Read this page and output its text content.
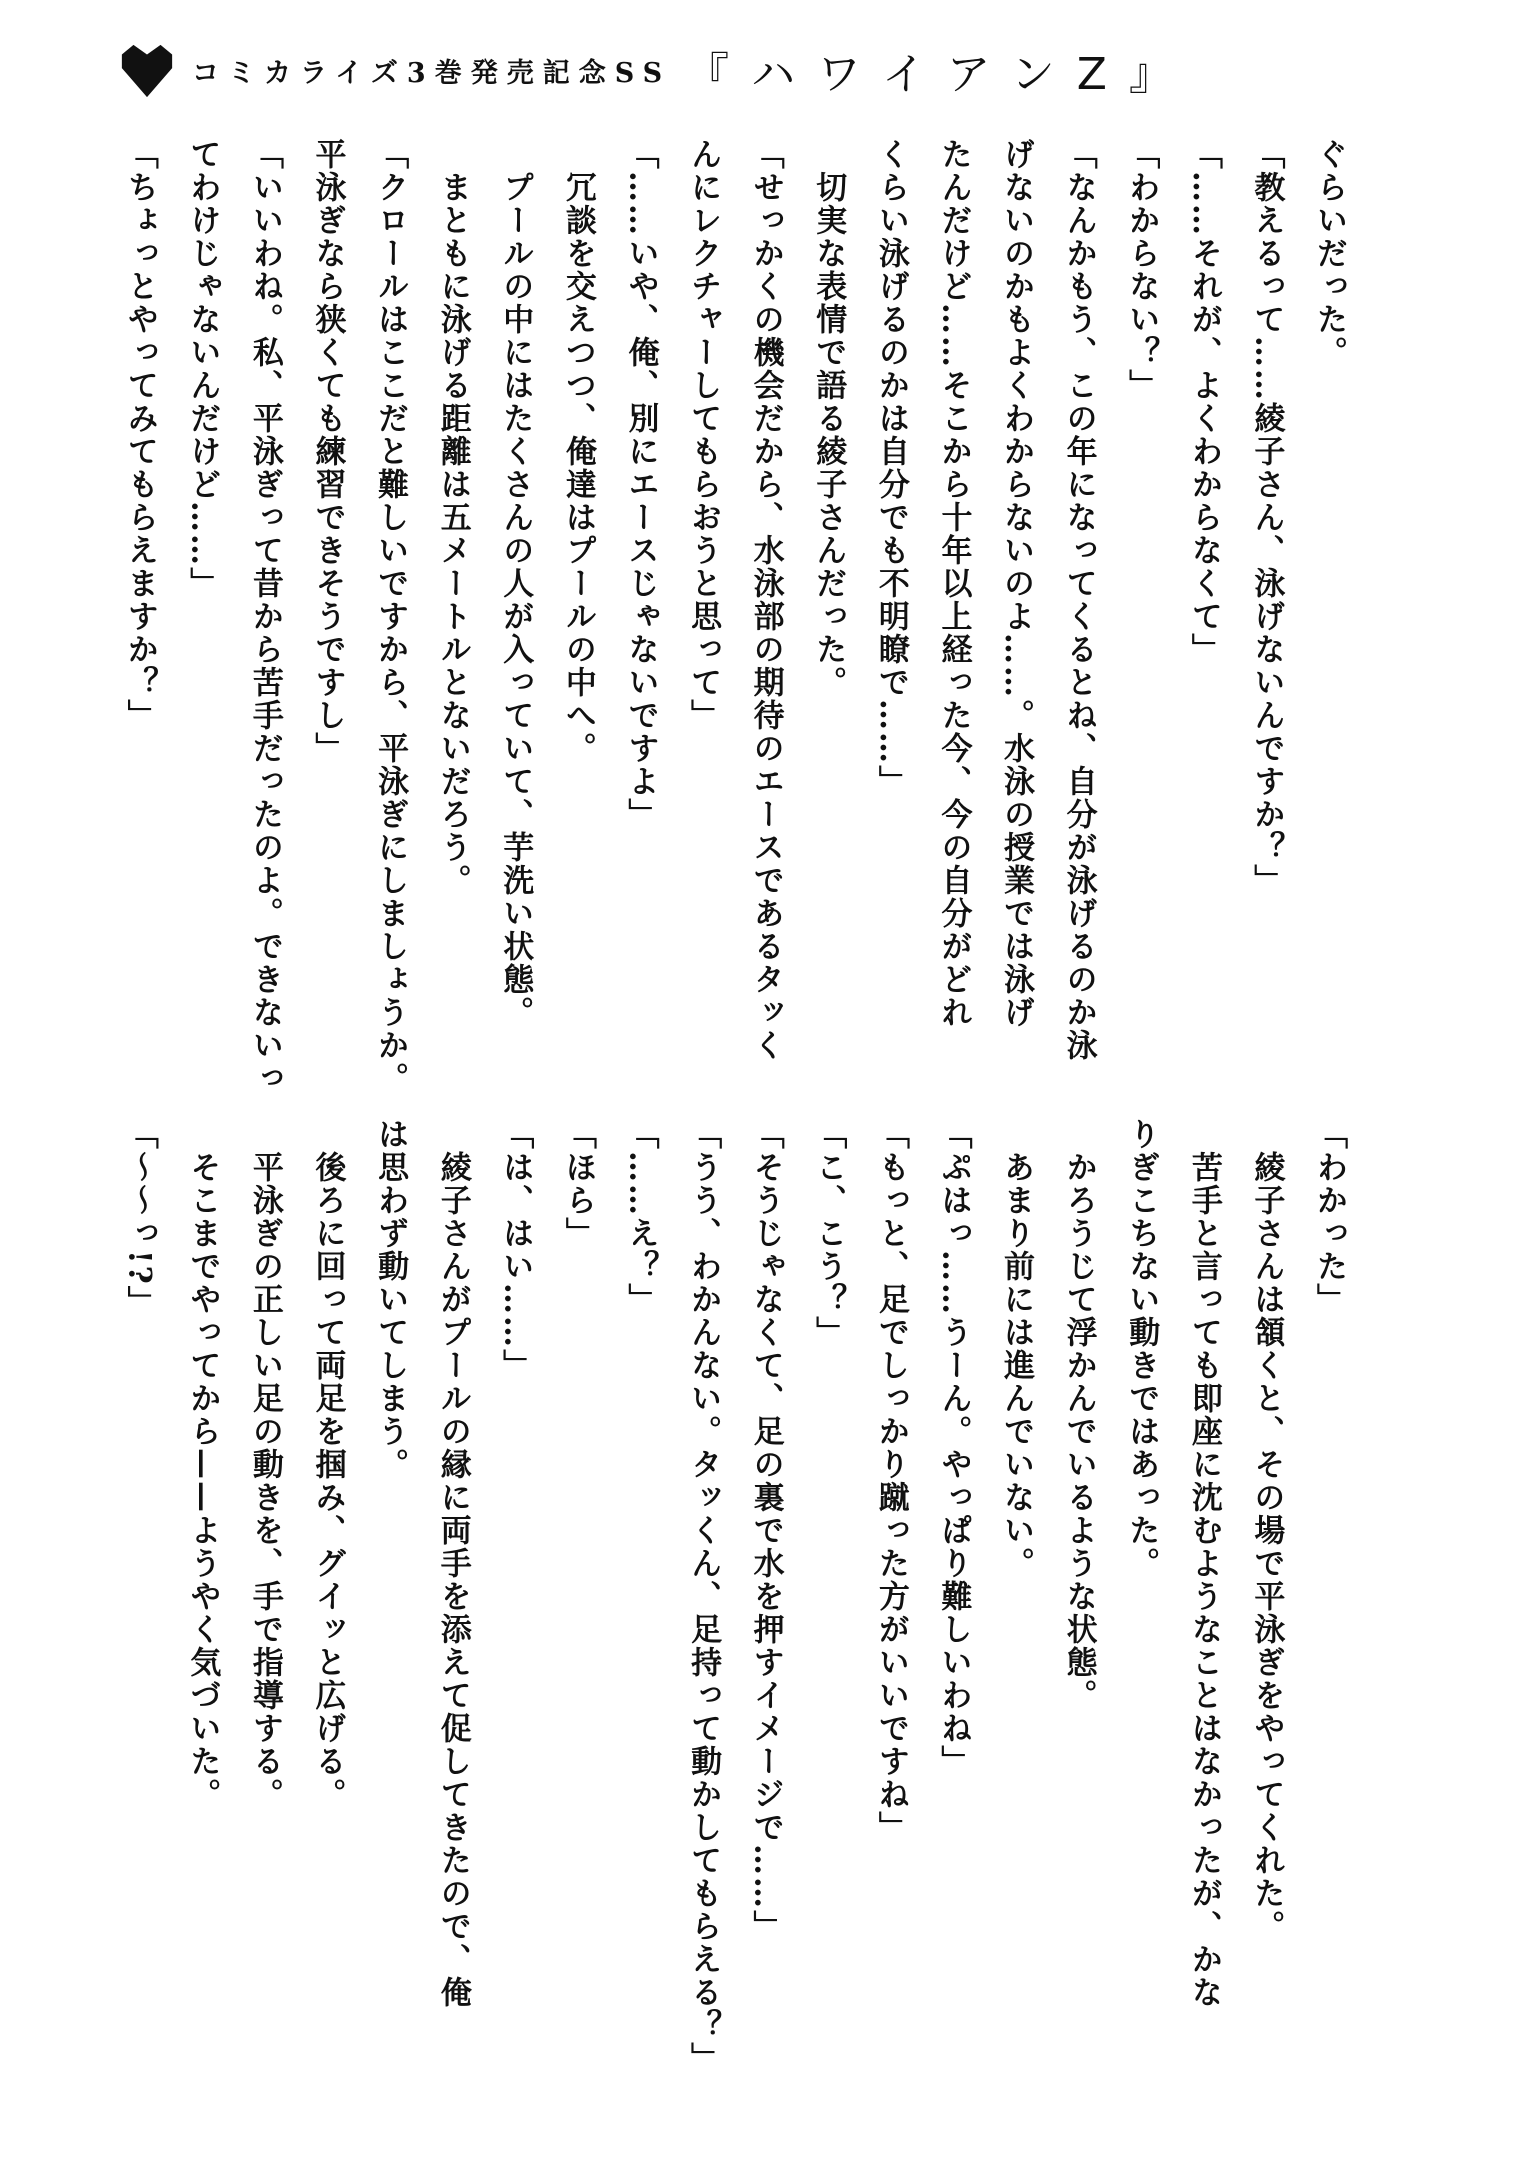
コミカライズ3巻発売記念SS 『ハワイアンZ』
ぐらいだった。
「教えるって……綾子さん、泳げないんですか？」
「……それが、よくわからなくて」
「わからない？」
「なんかもう、この年になってくるとね、自分が泳げるのか泳
げないのかもよくわからないのよ……。水泳の授業では泳げ
たんだけど……そこから十年以上経った今、今の自分がどれ
くらい泳げるのかは自分でも不明瞭で……」
　切実な表情で語る綾子さんだった。
「せっかくの機会だから、水泳部の期待のエースであるタッく
んにレクチャーしてもらおうと思って」
「……いや、俺、別にエースじゃないですよ」
　冗談を交えつつ、俺達はプールの中へ。
　プールの中にはたくさんの人が入っていて、芋洗い状態。
　まともに泳げる距離は五メートルとないだろう。
「クロールはここだと難しいですから、平泳ぎにしましょうか。
平泳ぎなら狭くても練習できそうですし」
「いいわね。私、平泳ぎって昔から苦手だったのよ。できないっ
てわけじゃないんだけど……」
「ちょっとやってみてもらえますか？」
「わかった」
　綾子さんは頷くと、その場で平泳ぎをやってくれた。
　苦手と言っても即座に沈むようなことはなかったが、かな
りぎこちない動きではあった。
　かろうじて浮かんでいるような状態。
　あまり前には進んでいない。
「ぷはっ……うーん。やっぱり難しいわね」
「もっと、足でしっかり蹴った方がいいですね」
「こ、こう？」
「そうじゃなくて、足の裏で水を押すイメージで……」
「うう、わかんない。タッくん、足持って動かしてもらえる？」
「……え？」
「ほら」
「は、はい……」
　綾子さんがプールの縁に両手を添えて促してきたので、俺
は思わず動いてしまう。
　後ろに回って両足を掴み、グイッと広げる。
　平泳ぎの正しい足の動きを、手で指導する。
　そこまでやってから——ようやく気づいた。
「〜〜っ!?」
